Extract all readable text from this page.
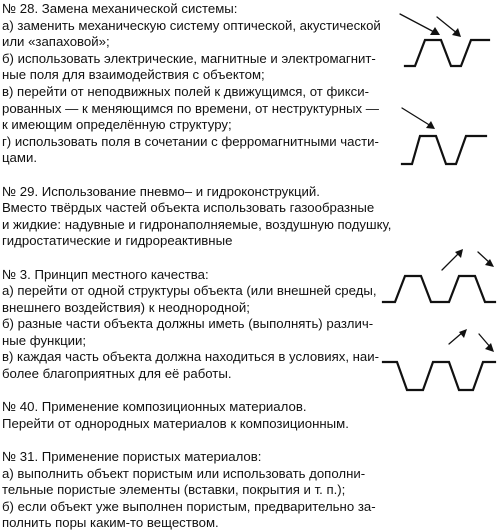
№ 28. Замена механической системы:
а) заменить механическую систему оптической, акустической
или «запаховой»;
б) использовать электрические, магнитные и электромагнит-
ные поля для взаимодействия с объектом;
в) перейти от неподвижных полей к движущимся, от фикси-
рованных — к меняющимся по времени, от неструктурных —
к имеющим определённую структуру;
г) использовать поля в сочетании с ферромагнитными части-
цами.
№ 29. Использование пневмо– и гидроконструкций.
Вместо твёрдых частей объекта использовать газообразные
и жидкие: надувные и гидронаполняемые, воздушную подушку,
гидростатические и гидрореактивные
№ 3. Принцип местного качества:
а) перейти от одной структуры объекта (или внешней среды,
внешнего воздействия) к неоднородной;
б) разные части объекта должны иметь (выполнять) различ-
ные функции;
в) каждая часть объекта должна находиться в условиях, наи-
более благоприятных для её работы.
№ 40. Применение композиционных материалов.
Перейти от однородных материалов к композиционным.
№ 31. Применение пористых материалов:
а) выполнить объект пористым или использовать дополни-
тельные пористые элементы (вставки, покрытия и т. п.);
б) если объект уже выполнен пористым, предварительно за-
полнить поры каким-то веществом.
